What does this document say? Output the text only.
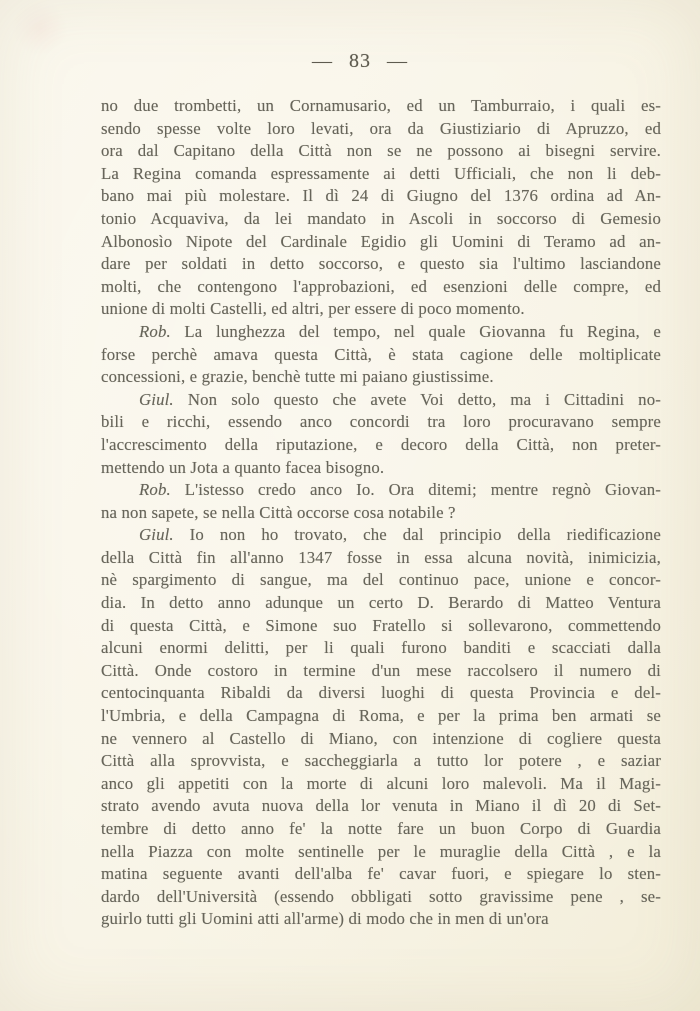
— 83 —
no due trombetti, un Cornamusario, ed un Tamburraio, i quali es-
sendo spesse volte loro levati, ora da Giustiziario di Apruzzo, ed
ora dal Capitano della Città non se ne possono ai bisegni servire.
La Regina comanda espressamente ai detti Ufficiali, che non li deb-
bano mai più molestare. Il dì 24 di Giugno del 1376 ordina ad An-
tonio Acquaviva, da lei mandato in Ascoli in soccorso di Gemesio
Albonosìo Nipote del Cardinale Egidio gli Uomini di Teramo ad an-
dare per soldati in detto soccorso, e questo sia l'ultimo lasciandone
molti, che contengono l'approbazioni, ed esenzioni delle compre, ed
unione di molti Castelli, ed altri, per essere di poco momento.
Rob. La lunghezza del tempo, nel quale Giovanna fu Regina, e
forse perchè amava questa Città, è stata cagione delle moltiplicate
concessioni, e grazie, benchè tutte mi paiano giustissime.
Giul. Non solo questo che avete Voi detto, ma i Cittadini no-
bili e ricchi, essendo anco concordi tra loro procuravano sempre
l'accrescimento della riputazione, e decoro della Città, non preter-
mettendo un Jota a quanto facea bisogno.
Rob. L'istesso credo anco Io. Ora ditemi; mentre regnò Giovan-
na non sapete, se nella Città occorse cosa notabile ?
Giul. Io non ho trovato, che dal principio della riedificazione
della Città fin all'anno 1347 fosse in essa alcuna novità, inimicizia,
nè spargimento di sangue, ma del continuo pace, unione e concor-
dia. In detto anno adunque un certo D. Berardo di Matteo Ventura
di questa Città, e Simone suo Fratello si sollevarono, commettendo
alcuni enormi delitti, per li quali furono banditi e scacciati dalla
Città. Onde costoro in termine d'un mese raccolsero il numero di
centocinquanta Ribaldi da diversi luoghi di questa Provincia e del-
l'Umbria, e della Campagna di Roma, e per la prima ben armati se
ne vennero al Castello di Miano, con intenzione di cogliere questa
Città alla sprovvista, e saccheggiarla a tutto lor potere , e saziar
anco gli appetiti con la morte di alcuni loro malevoli. Ma il Magi-
strato avendo avuta nuova della lor venuta in Miano il dì 20 di Set-
tembre di detto anno fe' la notte fare un buon Corpo di Guardia
nella Piazza con molte sentinelle per le muraglie della Città , e la
matina seguente avanti dell'alba fe' cavar fuori, e spiegare lo sten-
dardo dell'Università (essendo obbligati sotto gravissime pene , se-
guirlo tutti gli Uomini atti all'arme) di modo che in men di un'ora
